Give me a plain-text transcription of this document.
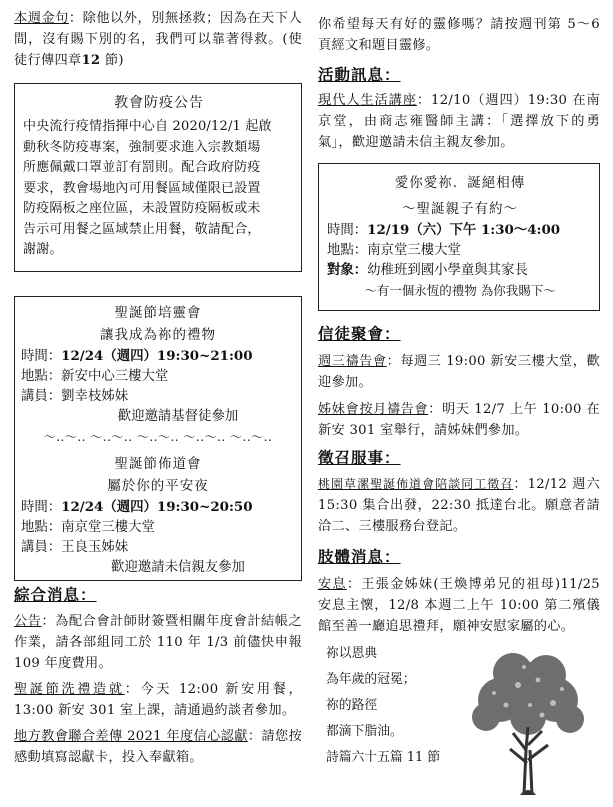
本週金句：除他以外，別無拯救；因為在天下人間，沒有賜下別的名，我們可以靠著得救。(使徒行傳四章12 節)

教會防疫公告
中央流行疫情指揮中心自 2020/12/1 起啟
動秋冬防疫專案，強制要求進入宗教類場
所應佩戴口罩並訂有罰則。配合政府防疫
要求，教會場地內可用餐區域僅限已設置
防疫隔板之座位區，未設置防疫隔板或未
告示可用餐之區域禁止用餐，敬請配合，
謝謝。
聖誕節培靈會
讓我成為祢的禮物
時間：12/24（週四）19:30~21:00
地點：新安中心三樓大堂
講員：劉幸枝姊妹
歡迎邀請基督徒參加
～..～.. ～..～.. ～..～.. ～..～.. ～..～..
聖誕節佈道會
屬於你的平安夜
時間：12/24（週四）19:30~20:50
地點：南京堂三樓大堂
講員：王良玉姊妹
歡迎邀請未信親友參加
綜合消息：

公告：為配合會計師財簽暨相關年度會計結帳之作業，請各部組同工於 110 年 1/3 前儘快申報 109 年度費用。

聖誕節洗禮造就：今天 12:00 新安用餐，13:00 新安 301 室上課，請通過約談者參加。

地方教會聯合差傳 2021 年度信心認獻：請您按感動填寫認獻卡，投入奉獻箱。

你希望每天有好的靈修嗎？請按週刊第 5～6 頁經文和題目靈修。

活動訊息：

現代人生活講座：12/10（週四）19:30 在南京堂，由商志雍醫師主講：「選擇放下的勇氣」，歡迎邀請未信主親友參加。

愛你愛祢．誕絕相傳
～聖誕親子有約～
時間：12/19（六）下午 1:30～4:00
地點：南京堂三樓大堂
對象：幼稚班到國小學童與其家長
～有一個永恆的禮物 為你我賜下～
信徒聚會：

週三禱告會：每週三 19:00 新安三樓大堂，歡迎參加。

姊妹會按月禱告會：明天 12/7 上午 10:00 在新安 301 室舉行，請姊妹們參加。

徵召服事：

桃園草漯聖誕佈道會陪談同工徵召：12/12 週六 15:30 集合出發，22:30 抵達台北。願意者請洽二、三樓服務台登記。

肢體消息：

安息：王張金姊妹(王煥博弟兄的祖母)11/25 安息主懷，12/8 本週二上午 10:00 第二殯儀館至善一廳追思禮拜，願神安慰家屬的心。

祢以恩典
為年歲的冠冕；
祢的路徑
都滴下脂油。
詩篇六十五篇 11 節
